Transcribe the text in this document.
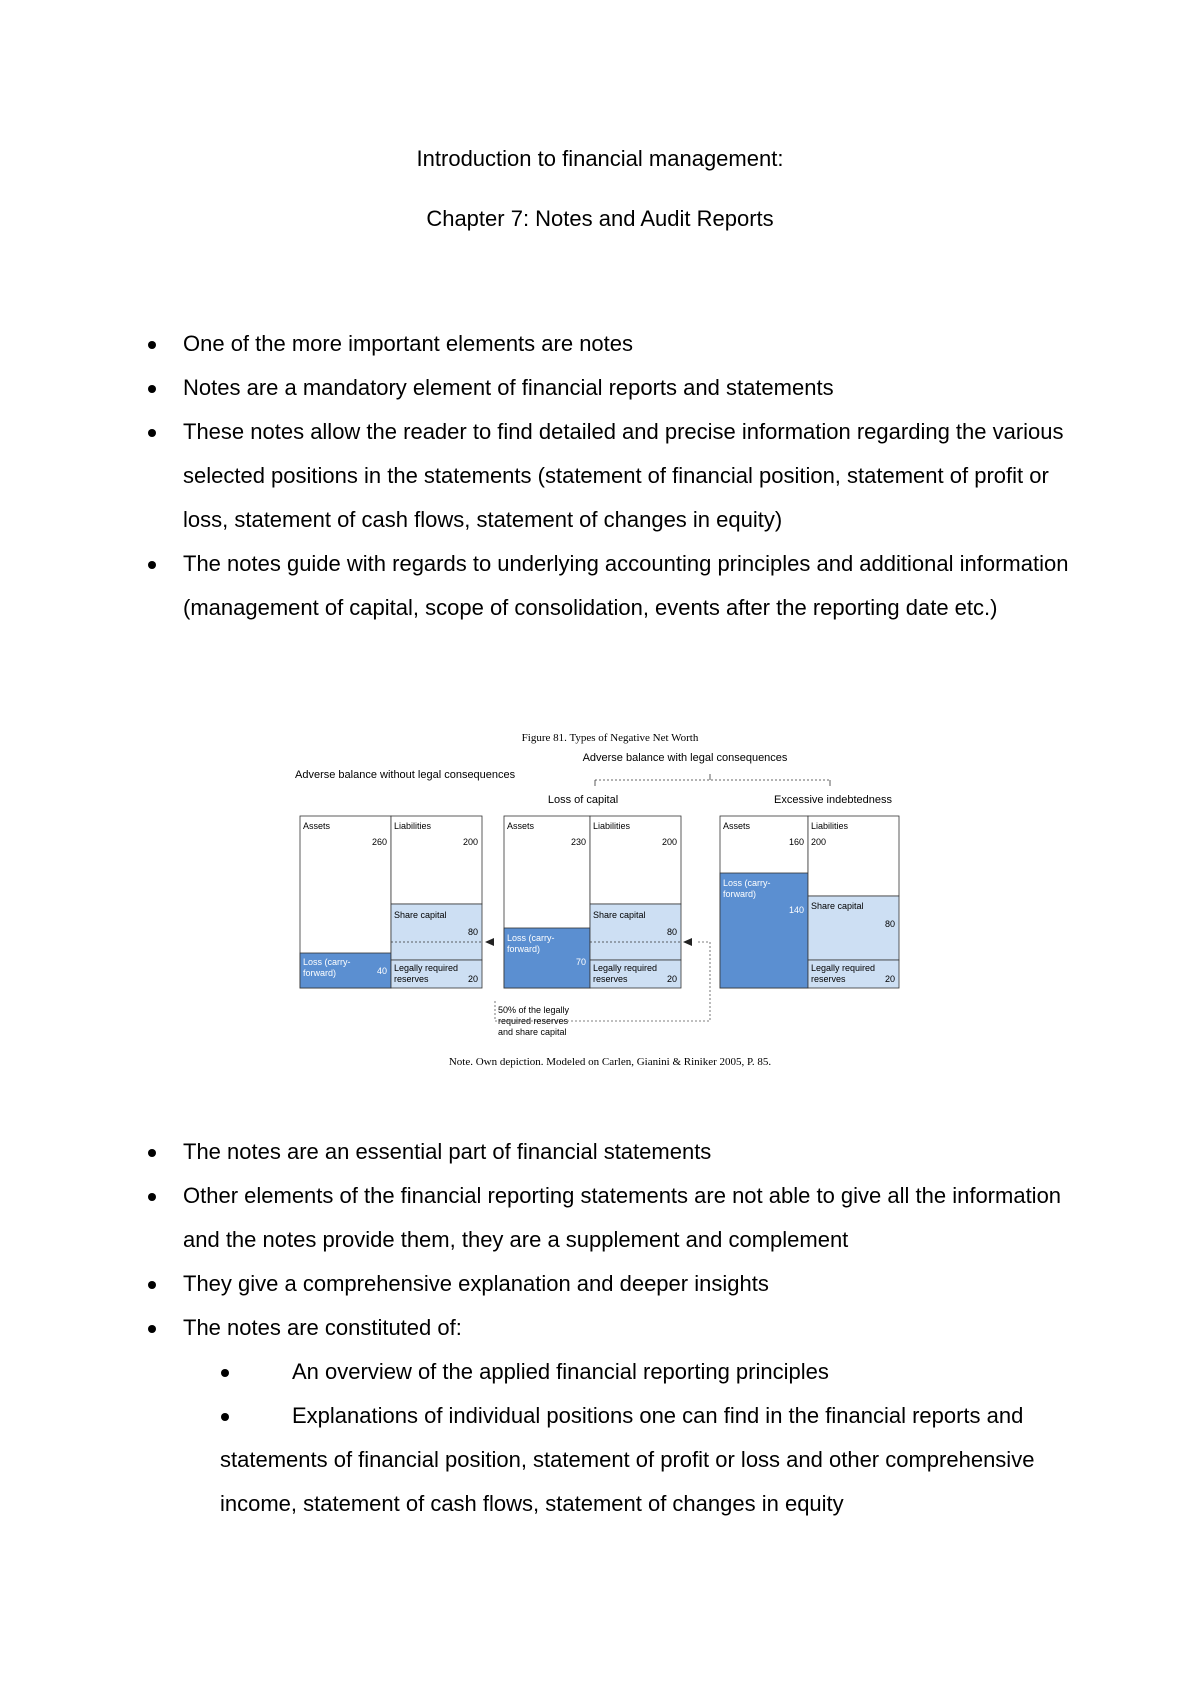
Introduction to financial management:
Chapter 7: Notes and Audit Reports
One of the more important elements are notes
Notes are a mandatory element of financial reports and statements
These notes allow the reader to find detailed and precise information regarding the various selected positions in the statements (statement of financial position, statement of profit or loss, statement of cash flows, statement of changes in equity)
The notes guide with regards to underlying accounting principles and additional information (management of capital, scope of consolidation, events after the reporting date etc.)
Figure 81. Types of Negative Net Worth
Adverse balance with legal consequences
Adverse balance without legal consequences
Loss of capital	Excessive indebtedness
Assets
260
Liabilities
200
Share capital
80
Loss (carry-forward)	40 Legally required reserves	20
Assets
230
Liabilities
200
Share capital
80
Loss (carry-forward)
70
Legally required reserves	20
50% of the legally required reserves and share capital
Assets
160
Liabilities
200
Share capital
80
Loss (carry-forward)
140
Legally required reserves	20
Note. Own depiction. Modeled on Carlen, Gianini & Riniker 2005, P. 85.
The notes are an essential part of financial statements
Other elements of the financial reporting statements are not able to give all the information and the notes provide them, they are a supplement and complement
They give a comprehensive explanation and deeper insights
The notes are constituted of:
An overview of the applied financial reporting principles
Explanations of individual positions one can find in the financial reports and statements of financial position, statement of profit or loss and other comprehensive income, statement of cash flows, statement of changes in equity
